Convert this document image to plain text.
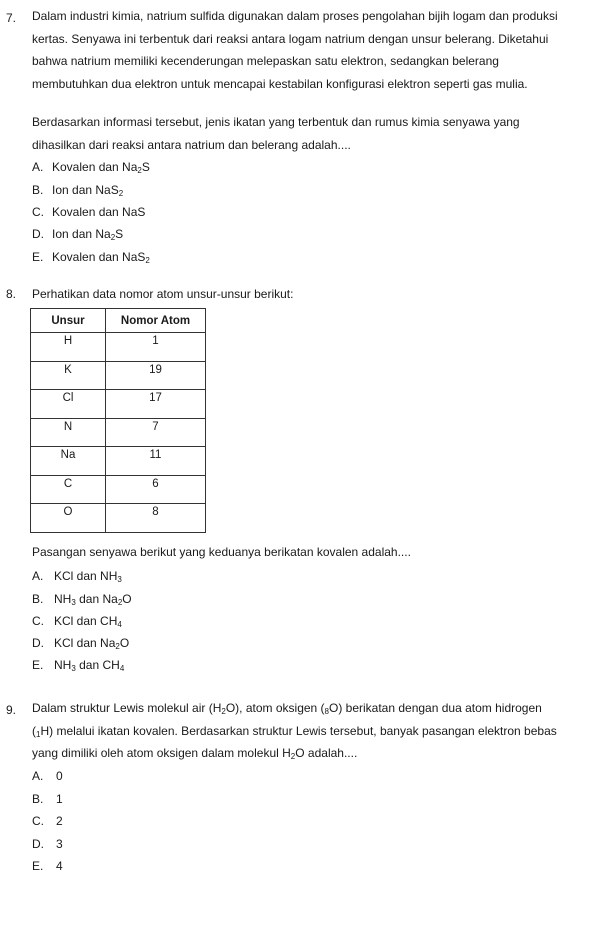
7. Dalam industri kimia, natrium sulfida digunakan dalam proses pengolahan bijih logam dan produksi
kertas. Senyawa ini terbentuk dari reaksi antara logam natrium dengan unsur belerang. Diketahui
bahwa natrium memiliki kecenderungan melepaskan satu elektron, sedangkan belerang
membutuhkan dua elektron untuk mencapai kestabilan konfigurasi elektron seperti gas mulia.
Berdasarkan informasi tersebut, jenis ikatan yang terbentuk dan rumus kimia senyawa yang
dihasilkan dari reaksi antara natrium dan belerang adalah....
A. Kovalen dan $Na_2S$
B. Ion dan NaS$_2$
C. Kovalen dan NaS
D. Ion dan $Na_2S$
E. Kovalen dan NaS$_2$
8. Perhatikan data nomor atom unsur-unsur berikut:
Unsur	Nomor Atom
H	1
K	19
Cl	17
N	7
Na	11
C	6
O	8
Pasangan senyawa berikut yang keduanya berikatan kovalen adalah....
A. KCl dan $NH_3$
B. $NH_3$ dan $Na_2O$
C. KCl dan $CH_4$
D. KCl dan $Na_2O$
E. $NH_3$ dan $CH_4$
9. Dalam struktur Lewis molekul air $(H_2O)$, atom oksigen $(_8O)$ berikatan dengan dua atom hidrogen
$(_1H)$ melalui ikatan kovalen. Berdasarkan struktur Lewis tersebut, banyak pasangan elektron bebas
yang dimiliki oleh atom oksigen dalam molekul $H_2O$ adalah....
A. 0
B. 1
C. 2
D. 3
E. 4
